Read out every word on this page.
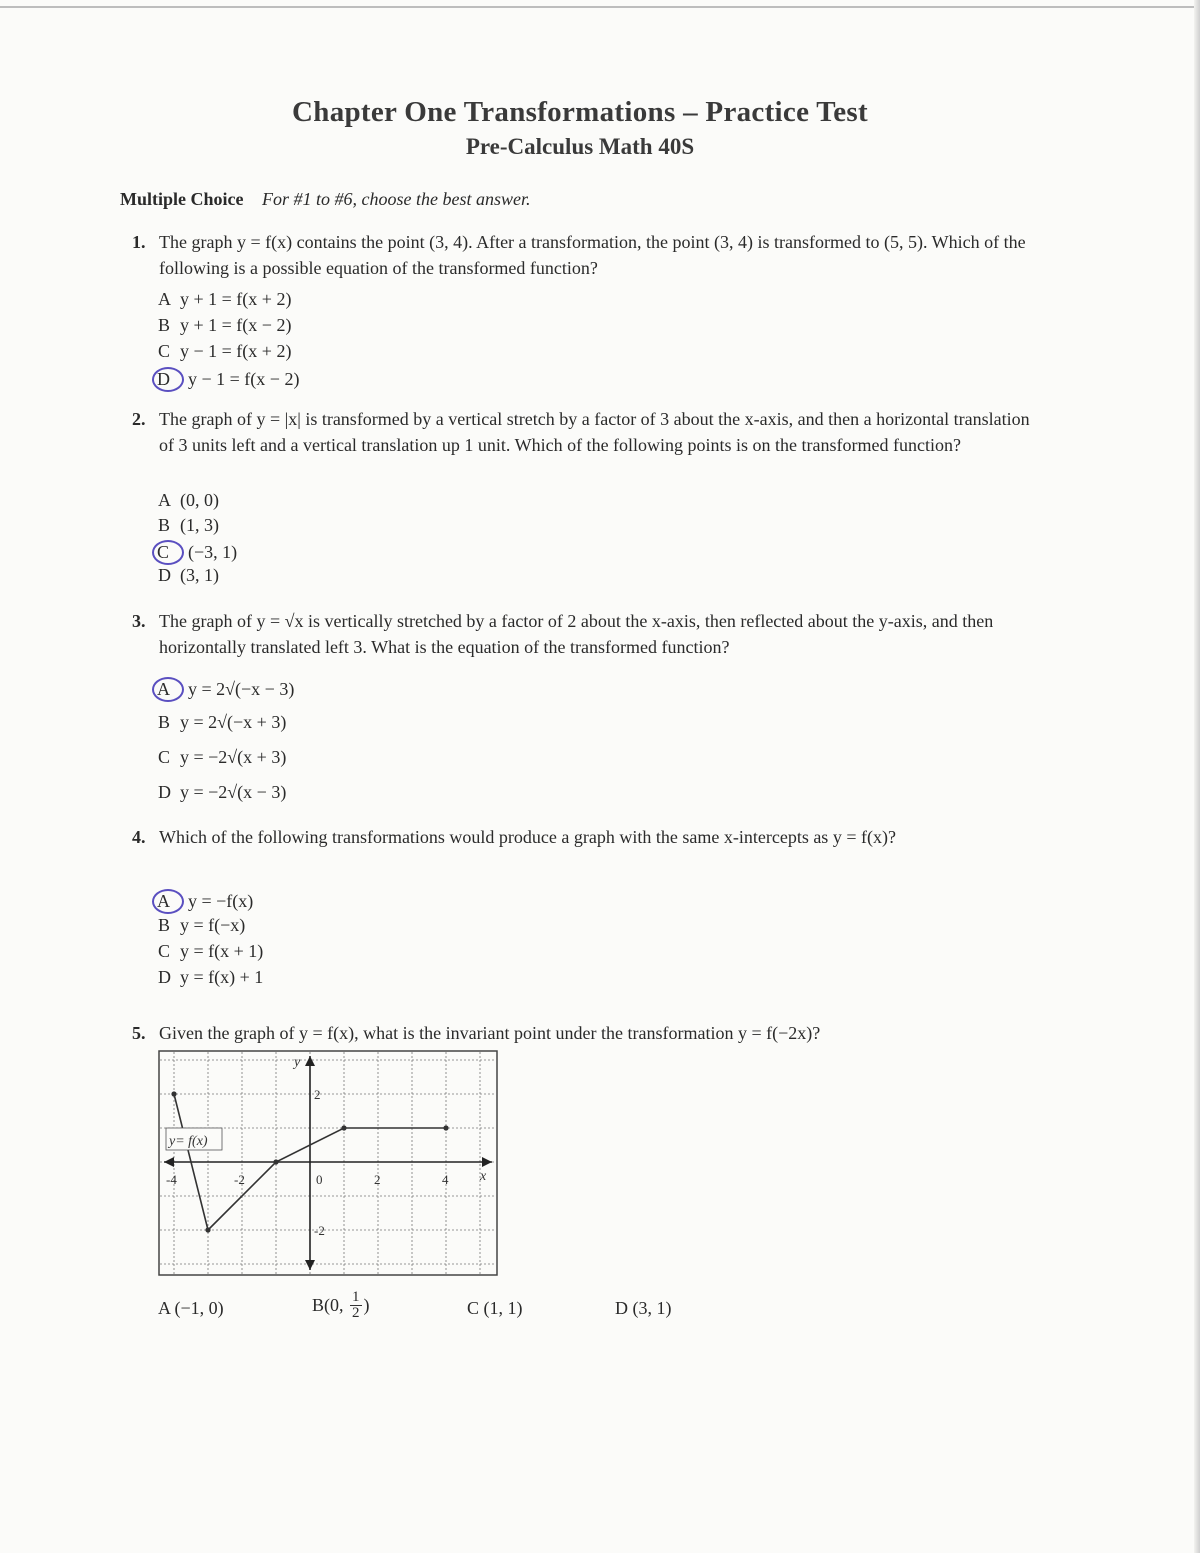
Chapter One Transformations – Practice Test
Pre-Calculus Math 40S
Multiple Choice For #1 to #6, choose the best answer.
1. The graph y = f(x) contains the point (3, 4). After a transformation, the point (3, 4) is transformed to (5, 5). Which of the following is a possible equation of the transformed function?
A y + 1 = f(x + 2)
B y + 1 = f(x − 2)
C y − 1 = f(x + 2)
D y − 1 = f(x − 2)
2. The graph of y = |x| is transformed by a vertical stretch by a factor of 3 about the x-axis, and then a horizontal translation of 3 units left and a vertical translation up 1 unit. Which of the following points is on the transformed function?
A (0, 0)
B (1, 3)
C (−3, 1)
D (3, 1)
3. The graph of y = √x is vertically stretched by a factor of 2 about the x-axis, then reflected about the y-axis, and then horizontally translated left 3. What is the equation of the transformed function?
A y = 2√(−x − 3)
B y = 2√(−x + 3)
C y = −2√(x + 3)
D y = −2√(x − 3)
4. Which of the following transformations would produce a graph with the same x-intercepts as y = f(x)?
A y = −f(x)
B y = f(−x)
C y = f(x + 1)
D y = f(x) + 1
5. Given the graph of y = f(x), what is the invariant point under the transformation y = f(−2x)?
-4	-2	0	2	4
2
-2
x
y
y= f(x)
A (−1, 0)	B(0, $\frac{1}{2}$ )	C (1, 1)	D (3, 1)
